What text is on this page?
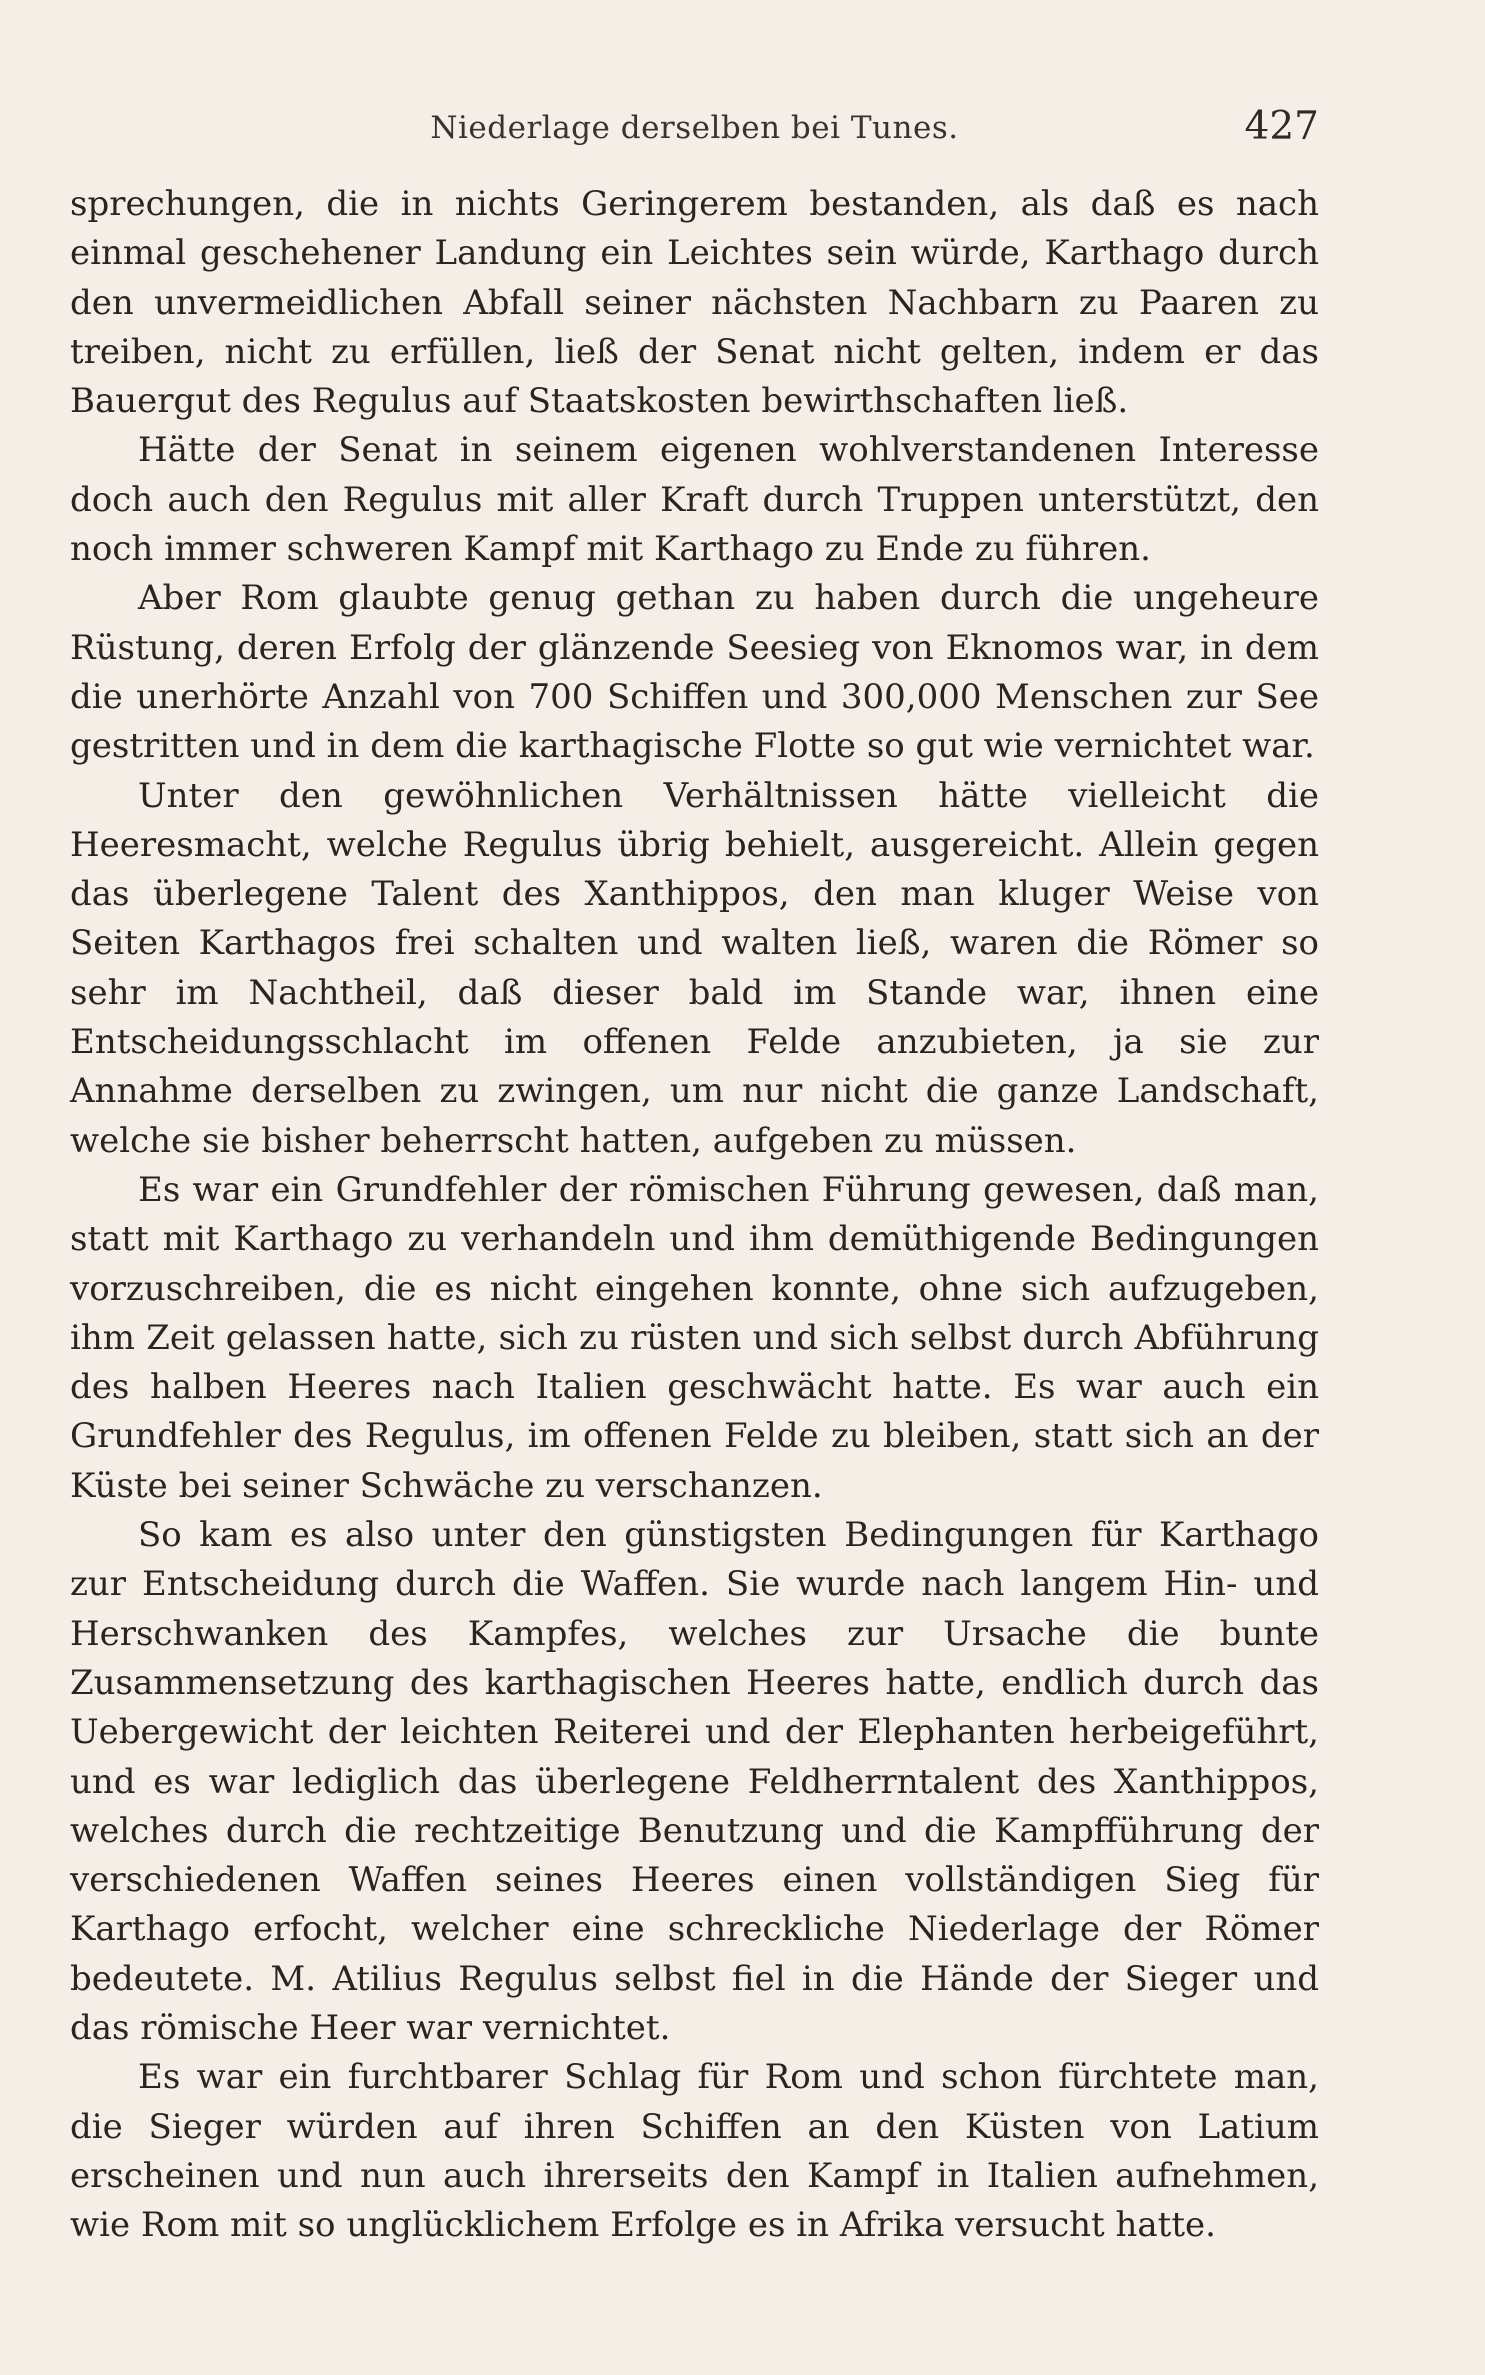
Niederlage derselben bei Tunes.	427

sprechungen, die in nichts Geringerem bestanden, als daß es nach einmal geschehener Landung ein Leichtes sein würde, Karthago durch den unvermeidlichen Abfall seiner nächsten Nachbarn zu Paaren zu treiben, nicht zu erfüllen, ließ der Senat nicht gelten, indem er das Bauergut des Regulus auf Staatskosten bewirthschaften ließ.

Hätte der Senat in seinem eigenen wohlverstandenen Interesse doch auch den Regulus mit aller Kraft durch Truppen unterstützt, den noch immer schweren Kampf mit Karthago zu Ende zu führen.

Aber Rom glaubte genug gethan zu haben durch die ungeheure Rüstung, deren Erfolg der glänzende Seesieg von Eknomos war, in dem die unerhörte Anzahl von 700 Schiffen und 300,000 Menschen zur See gestritten und in dem die karthagische Flotte so gut wie vernichtet war.

Unter den gewöhnlichen Verhältnissen hätte vielleicht die Heeresmacht, welche Regulus übrig behielt, ausgereicht. Allein gegen das überlegene Talent des Xanthippos, den man kluger Weise von Seiten Karthagos frei schalten und walten ließ, waren die Römer so sehr im Nachtheil, daß dieser bald im Stande war, ihnen eine Entscheidungsschlacht im offenen Felde anzubieten, ja sie zur Annahme derselben zu zwingen, um nur nicht die ganze Landschaft, welche sie bisher beherrscht hatten, aufgeben zu müssen.

Es war ein Grundfehler der römischen Führung gewesen, daß man, statt mit Karthago zu verhandeln und ihm demüthigende Bedingungen vorzuschreiben, die es nicht eingehen konnte, ohne sich aufzugeben, ihm Zeit gelassen hatte, sich zu rüsten und sich selbst durch Abführung des halben Heeres nach Italien geschwächt hatte. Es war auch ein Grundfehler des Regulus, im offenen Felde zu bleiben, statt sich an der Küste bei seiner Schwäche zu verschanzen.

So kam es also unter den günstigsten Bedingungen für Karthago zur Entscheidung durch die Waffen. Sie wurde nach langem Hin- und Herschwanken des Kampfes, welches zur Ursache die bunte Zusammensetzung des karthagischen Heeres hatte, endlich durch das Uebergewicht der leichten Reiterei und der Elephanten herbeigeführt, und es war lediglich das überlegene Feldherrntalent des Xanthippos, welches durch die rechtzeitige Benutzung und die Kampfführung der verschiedenen Waffen seines Heeres einen vollständigen Sieg für Karthago erfocht, welcher eine schreckliche Niederlage der Römer bedeutete. M. Atilius Regulus selbst fiel in die Hände der Sieger und das römische Heer war vernichtet.

Es war ein furchtbarer Schlag für Rom und schon fürchtete man, die Sieger würden auf ihren Schiffen an den Küsten von Latium erscheinen und nun auch ihrerseits den Kampf in Italien aufnehmen, wie Rom mit so unglücklichem Erfolge es in Afrika versucht hatte.
